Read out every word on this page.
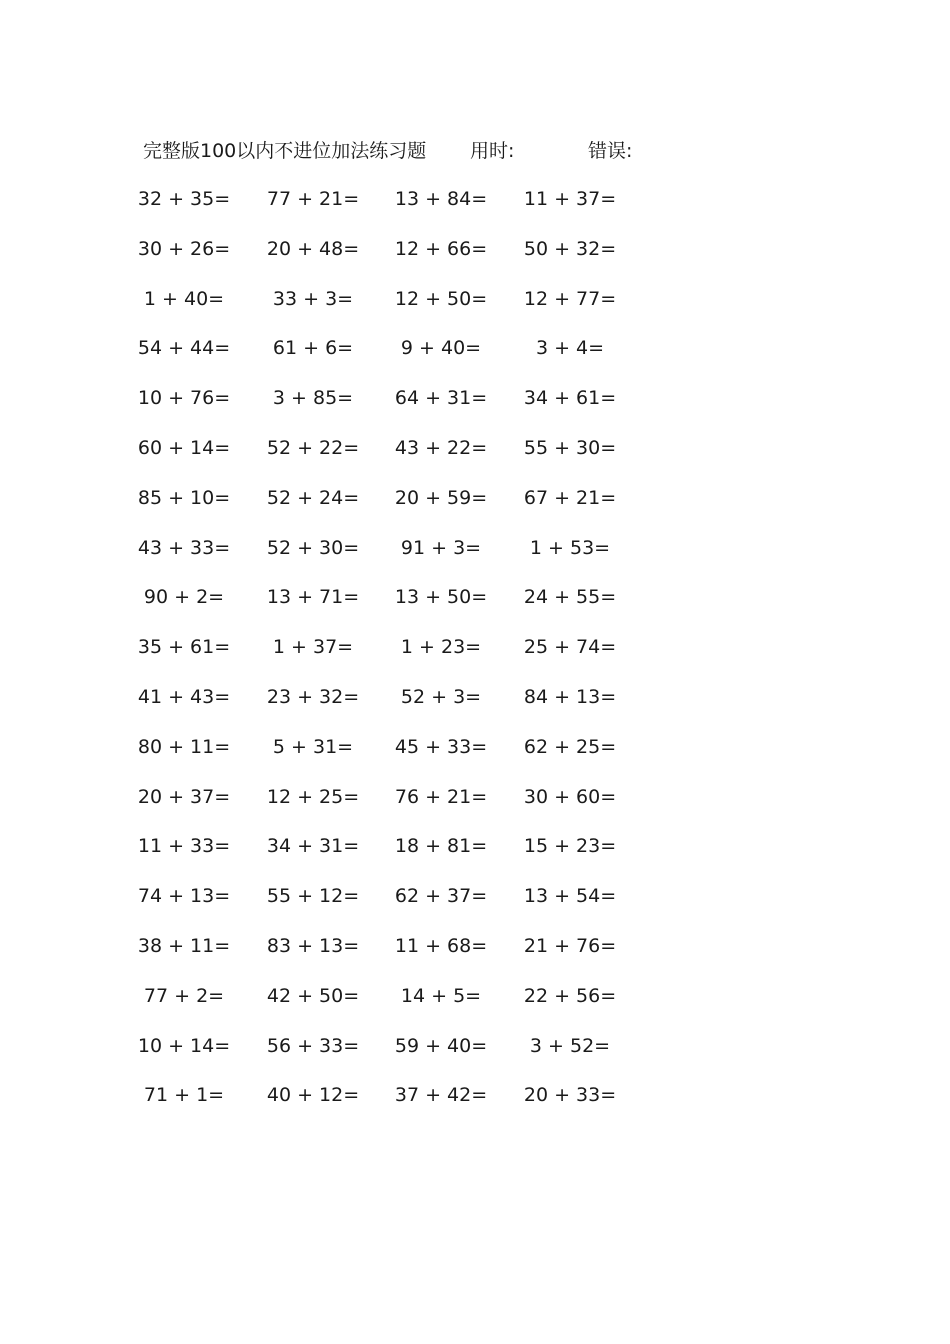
完整版100以内不进位加法练习题 用时:	错误:
32 + 35=	77 + 21=	13 + 84=	11 + 37=
30 + 26=	20 + 48=	12 + 66=	50 + 32=
1 + 40=	33 + 3=	12 + 50=	12 + 77=
54 + 44=	61 + 6=	9 + 40=	3 + 4=
10 + 76=	3 + 85=	64 + 31=	34 + 61=
60 + 14=	52 + 22=	43 + 22=	55 + 30=
85 + 10=	52 + 24=	20 + 59=	67 + 21=
43 + 33=	52 + 30=	91 + 3=	1 + 53=
90 + 2=	13 + 71=	13 + 50=	24 + 55=
35 + 61=	1 + 37=	1 + 23=	25 + 74=
41 + 43=	23 + 32=	52 + 3=	84 + 13=
80 + 11=	5 + 31=	45 + 33=	62 + 25=
20 + 37=	12 + 25=	76 + 21=	30 + 60=
11 + 33=	34 + 31=	18 + 81=	15 + 23=
74 + 13=	55 + 12=	62 + 37=	13 + 54=
38 + 11=	83 + 13=	11 + 68=	21 + 76=
77 + 2=	42 + 50=	14 + 5=	22 + 56=
10 + 14=	56 + 33=	59 + 40=	3 + 52=
71 + 1=	40 + 12=	37 + 42=	20 + 33=
